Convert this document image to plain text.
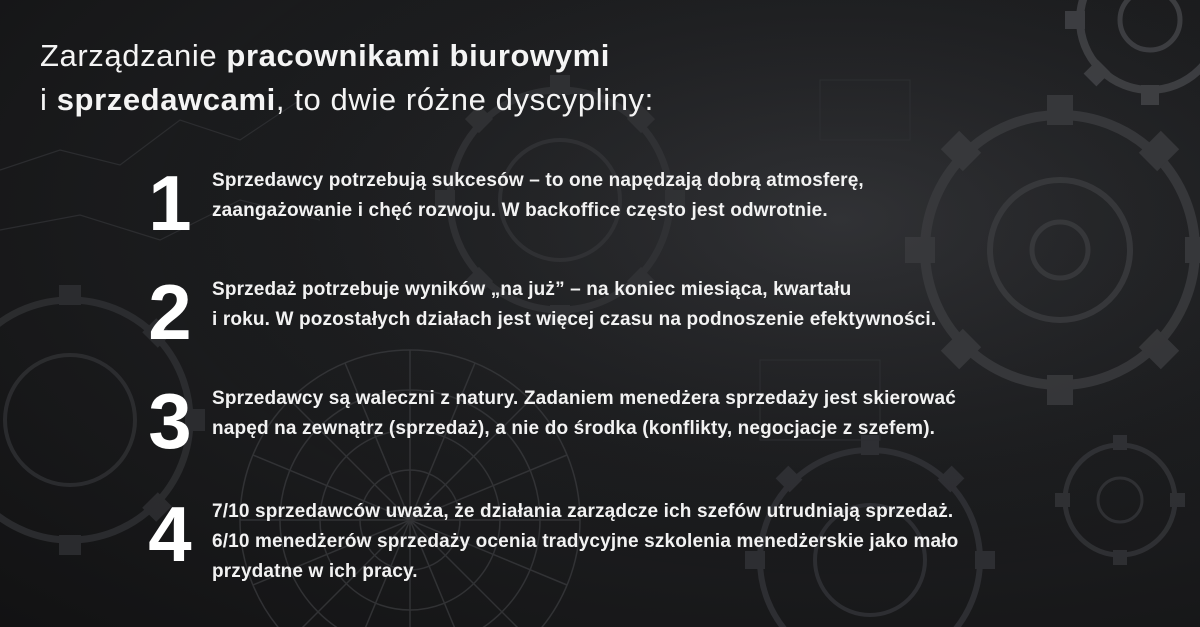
Zarządzanie pracownikami biurowymi
i sprzedawcami, to dwie różne dyscypliny:
1 Sprzedawcy potrzebują sukcesów – to one napędzają dobrą atmosferę,
zaangażowanie i chęć rozwoju. W backoffice często jest odwrotnie.
2 Sprzedaż potrzebuje wyników „na już” – na koniec miesiąca, kwartału
i roku. W pozostałych działach jest więcej czasu na podnoszenie efektywności.
3 Sprzedawcy są waleczni z natury. Zadaniem menedżera sprzedaży jest skierować
napęd na zewnątrz (sprzedaż), a nie do środka (konflikty, negocjacje z szefem).
4 7/10 sprzedawców uważa, że działania zarządcze ich szefów utrudniają sprzedaż.
6/10 menedżerów sprzedaży ocenia tradycyjne szkolenia menedżerskie jako mało
przydatne w ich pracy.
